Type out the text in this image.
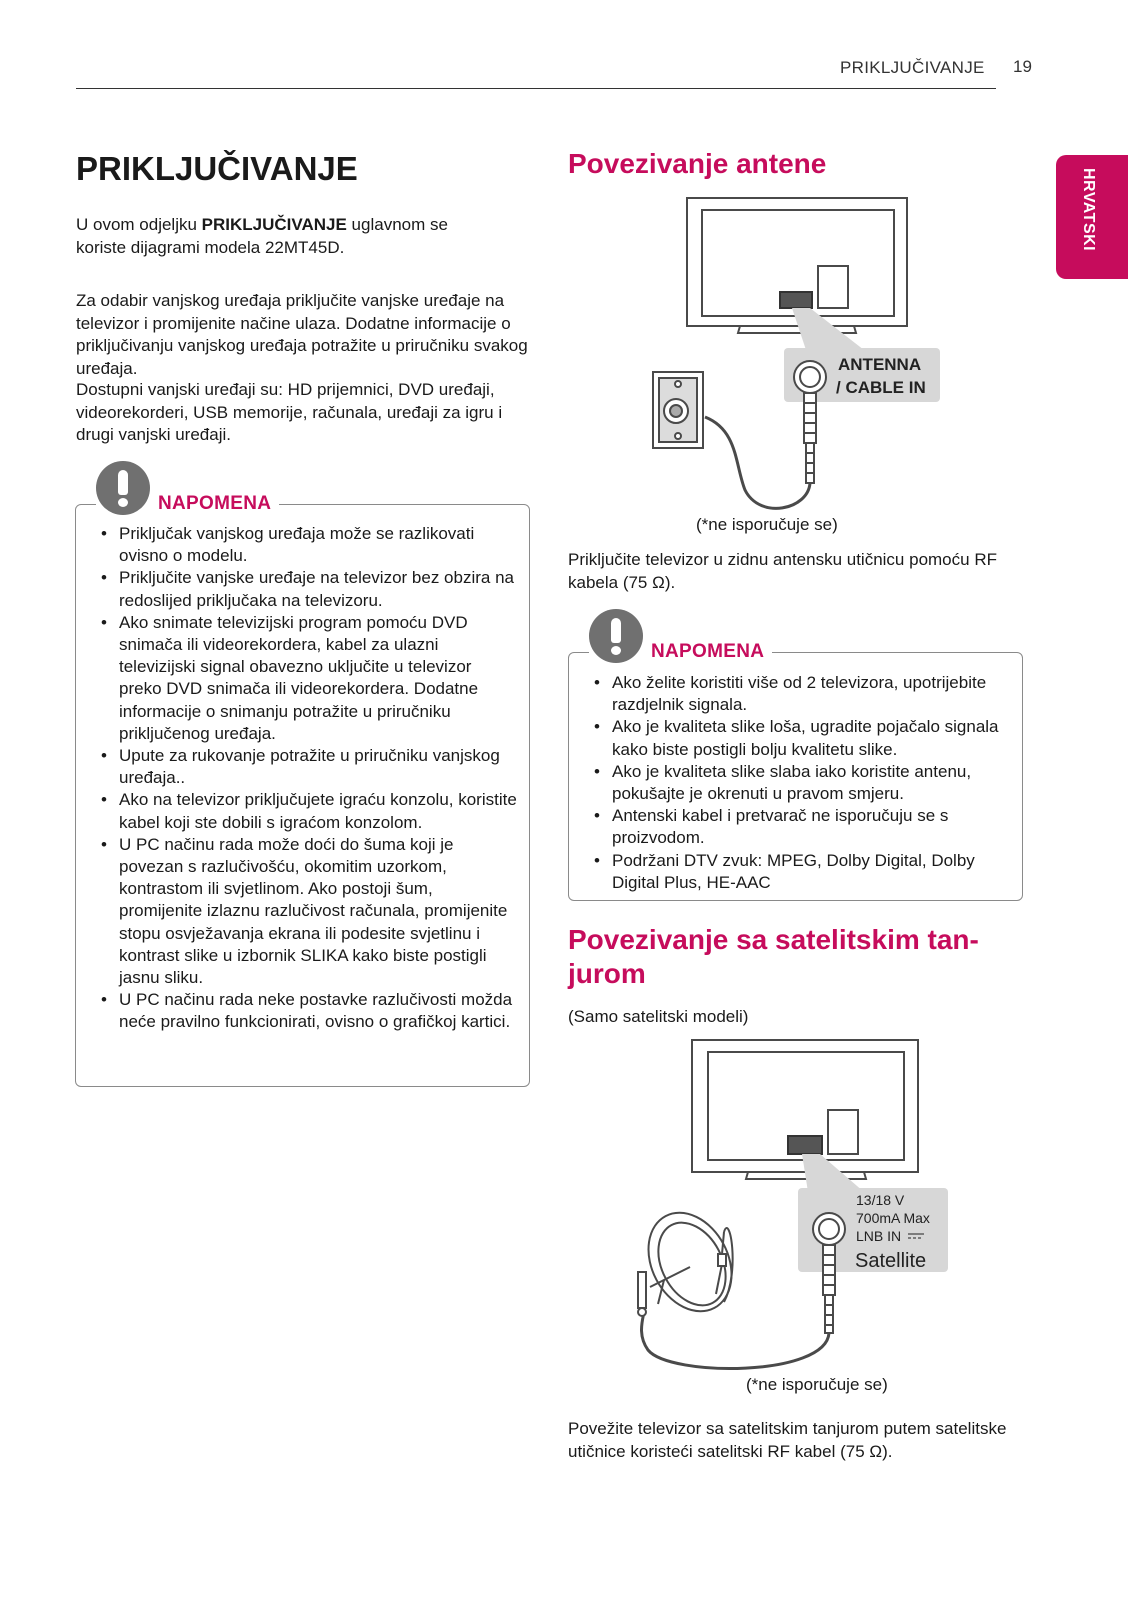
PRIKLJUČIVANJE 19
HRVATSKI
PRIKLJUČIVANJE

U ovom odjeljku PRIKLJUČIVANJE uglavnom se koriste dijagrami modela 22MT45D.

Za odabir vanjskog uređaja priključite vanjske uređaje na televizor i promijenite načine ulaza. Dodatne informacije o priključivanju vanjskog uređaja potražite u priručniku svakog uređaja.

Dostupni vanjski uređaji su: HD prijemnici, DVD uređaji, videorekorderi, USB memorije, računala, uređaji za igru i drugi vanjski uređaji.

NAPOMENA
• Priključak vanjskog uređaja može se razlikovati ovisno o modelu.
• Priključite vanjske uređaje na televizor bez obzira na redoslijed priključaka na televizoru.
• Ako snimate televizijski program pomoću DVD snimača ili videorekordera, kabel za ulazni televizijski signal obavezno uključite u televizor preko DVD snimača ili videorekordera. Dodatne informacije o snimanju potražite u priručniku priključenog uređaja.
• Upute za rukovanje potražite u priručniku vanjskog uređaja..
• Ako na televizor priključujete igraću konzolu, koristite kabel koji ste dobili s igraćom konzolom.
• U PC načinu rada može doći do šuma koji je povezan s razlučivošću, okomitim uzorkom, kontrastom ili svjetlinom. Ako postoji šum, promijenite izlaznu razlučivost računala, promijenite stopu osvježavanja ekrana ili podesite svjetlinu i kontrast slike u izbornik SLIKA kako biste postigli jasnu sliku.
• U PC načinu rada neke postavke razlučivosti možda neće pravilno funkcionirati, ovisno o grafičkoj kartici.
Povezivanje antene
ANTENNA
/ CABLE IN
(*ne isporučuje se)

Priključite televizor u zidnu antensku utičnicu pomoću RF kabela (75 Ω).

NAPOMENA
• Ako želite koristiti više od 2 televizora, upotrijebite razdjelnik signala.
• Ako je kvaliteta slike loša, ugradite pojačalo signala kako biste postigli bolju kvalitetu slike.
• Ako je kvaliteta slike slaba iako koristite antenu, pokušajte je okrenuti u pravom smjeru.
• Antenski kabel i pretvarač ne isporučuju se s proizvodom.
• Podržani DTV zvuk: MPEG, Dolby Digital, Dolby Digital Plus, HE-AAC
Povezivanje sa satelitskim tan-
jurom
(Samo satelitski modeli)
13/18 V
700mA Max
LNB IN
Satellite
(*ne isporučuje se)

Povežite televizor sa satelitskim tanjurom putem satelitske utičnice koristeći satelitski RF kabel (75 Ω).
